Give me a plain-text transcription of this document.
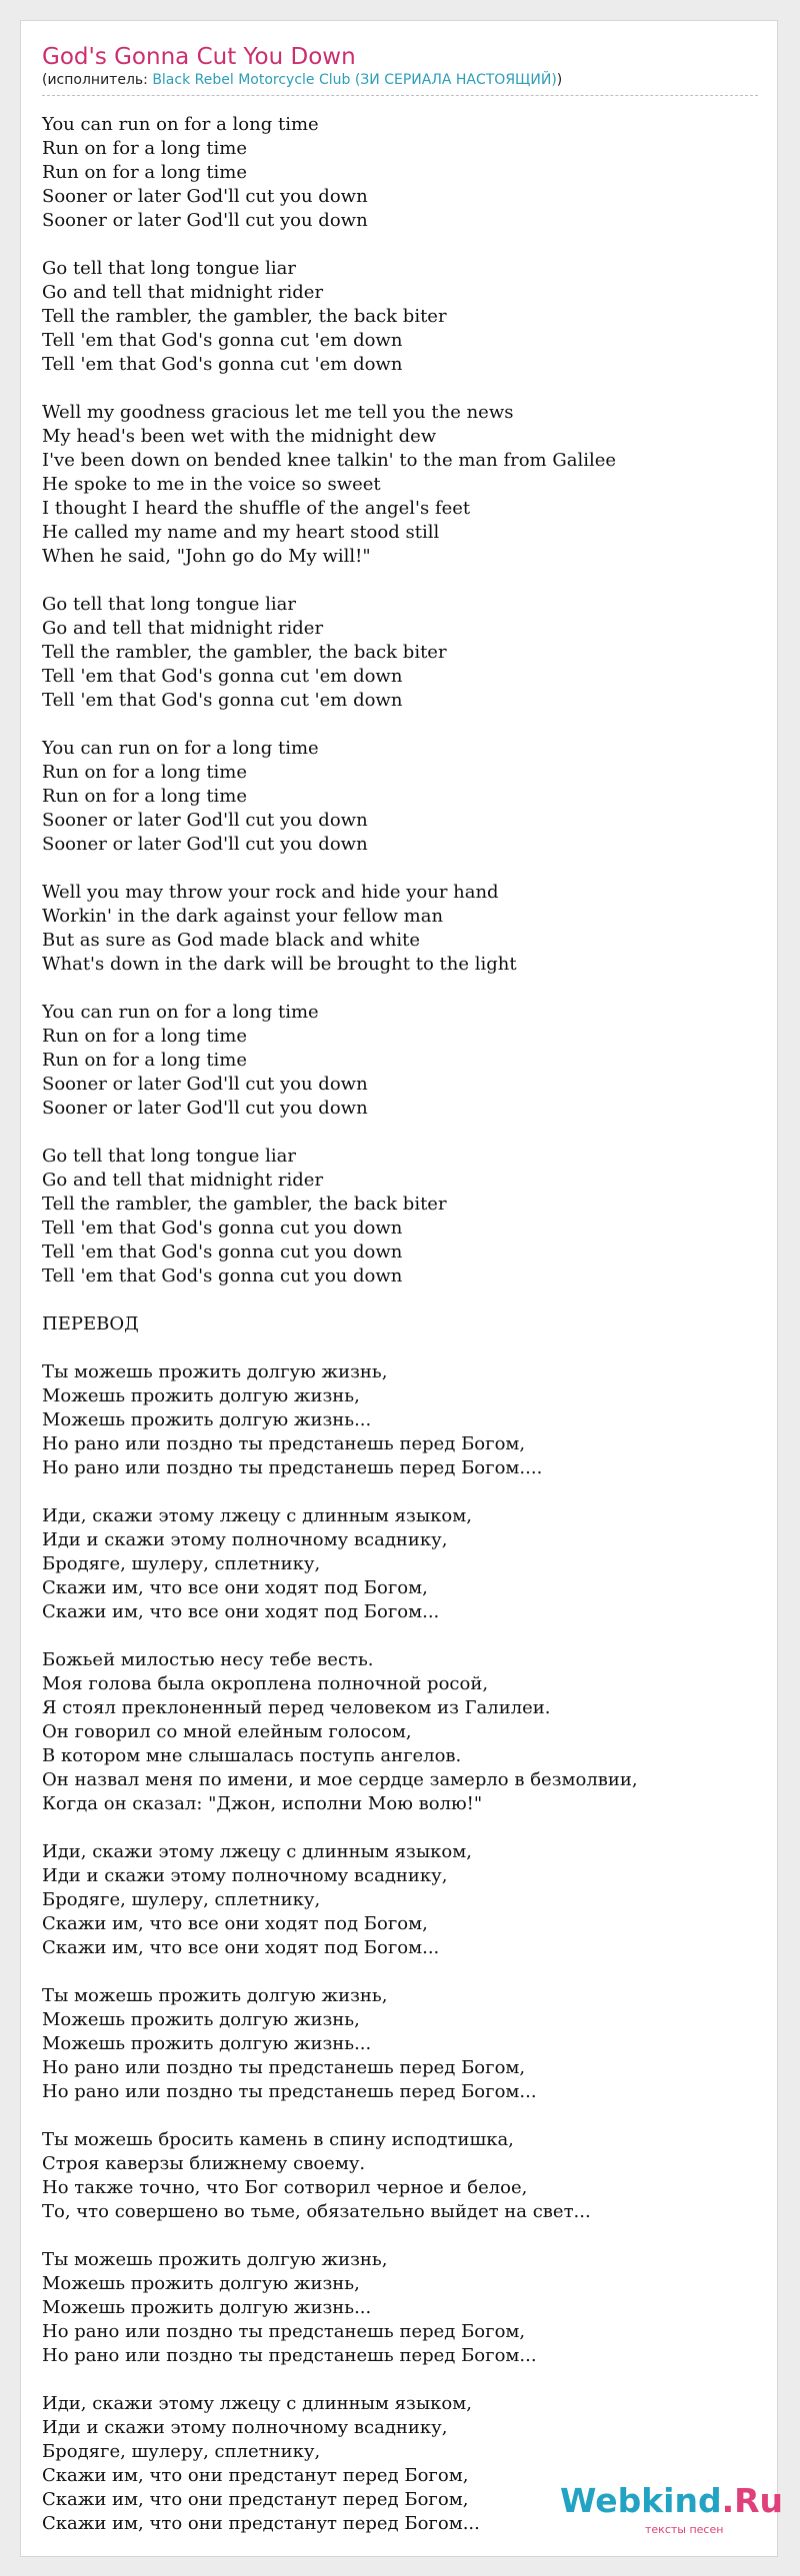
God's Gonna Cut You Down
(исполнитель: Black Rebel Motorcycle Club (ЗИ СЕРИАЛА НАСТОЯЩИЙ))
You can run on for a long time
Run on for a long time
Run on for a long time
Sooner or later God'll cut you down
Sooner or later God'll cut you down

Go tell that long tongue liar
Go and tell that midnight rider
Tell the rambler, the gambler, the back biter
Tell 'em that God's gonna cut 'em down
Tell 'em that God's gonna cut 'em down

Well my goodness gracious let me tell you the news
My head's been wet with the midnight dew
I've been down on bended knee talkin' to the man from Galilee
He spoke to me in the voice so sweet
I thought I heard the shuffle of the angel's feet
He called my name and my heart stood still
When he said, "John go do My will!"

Go tell that long tongue liar
Go and tell that midnight rider
Tell the rambler, the gambler, the back biter
Tell 'em that God's gonna cut 'em down
Tell 'em that God's gonna cut 'em down

You can run on for a long time
Run on for a long time
Run on for a long time
Sooner or later God'll cut you down
Sooner or later God'll cut you down

Well you may throw your rock and hide your hand
Workin' in the dark against your fellow man
But as sure as God made black and white
What's down in the dark will be brought to the light

You can run on for a long time
Run on for a long time
Run on for a long time
Sooner or later God'll cut you down
Sooner or later God'll cut you down

Go tell that long tongue liar
Go and tell that midnight rider
Tell the rambler, the gambler, the back biter
Tell 'em that God's gonna cut you down
Tell 'em that God's gonna cut you down
Tell 'em that God's gonna cut you down

ПЕРЕВОД

Ты можешь прожить долгую жизнь,
Можешь прожить долгую жизнь,
Можешь прожить долгую жизнь...
Но рано или поздно ты предстанешь перед Богом,
Но рано или поздно ты предстанешь перед Богом....

Иди, скажи этому лжецу с длинным языком,
Иди и скажи этому полночному всаднику,
Бродяге, шулеру, сплетнику,
Скажи им, что все они ходят под Богом,
Скажи им, что все они ходят под Богом...

Божьей милостью несу тебе весть.
Моя голова была окроплена полночной росой,
Я стоял преклоненный перед человеком из Галилеи.
Он говорил со мной елейным голосом,
В котором мне слышалась поступь ангелов.
Он назвал меня по имени, и мое сердце замерло в безмолвии,
Когда он сказал: "Джон, исполни Мою волю!"

Иди, скажи этому лжецу с длинным языком,
Иди и скажи этому полночному всаднику,
Бродяге, шулеру, сплетнику,
Скажи им, что все они ходят под Богом,
Скажи им, что все они ходят под Богом...

Ты можешь прожить долгую жизнь,
Можешь прожить долгую жизнь,
Можешь прожить долгую жизнь...
Но рано или поздно ты предстанешь перед Богом,
Но рано или поздно ты предстанешь перед Богом...

Ты можешь бросить камень в спину исподтишка,
Строя каверзы ближнему своему.
Но также точно, что Бог сотворил черное и белое,
То, что совершено во тьме, обязательно выйдет на свет...

Ты можешь прожить долгую жизнь,
Можешь прожить долгую жизнь,
Можешь прожить долгую жизнь...
Но рано или поздно ты предстанешь перед Богом,
Но рано или поздно ты предстанешь перед Богом...

Иди, скажи этому лжецу с длинным языком,
Иди и скажи этому полночному всаднику,
Бродяге, шулеру, сплетнику,
Скажи им, что они предстанут перед Богом,
Скажи им, что они предстанут перед Богом,
Скажи им, что они предстанут перед Богом...
Webkind.Ru
тексты песен
